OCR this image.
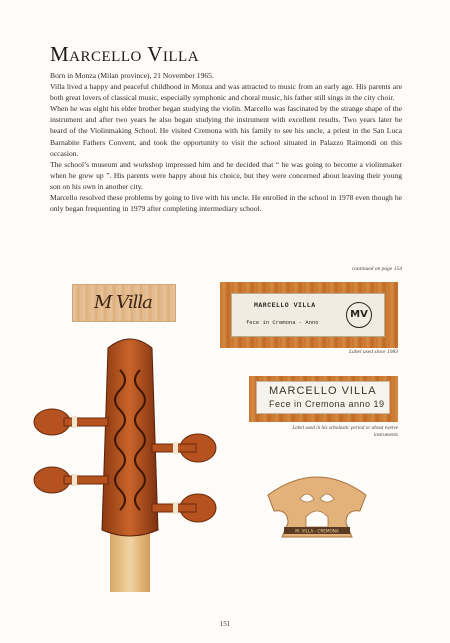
Marcello Villa

Born in Monza (Milan province), 21 November 1965.

Villa lived a happy and peaceful childhood in Monza and was attracted to music from an early age. His parents are both great lovers of classical music, especially symphonic and choral music, his father still sings in the city choir.

When he was eight his elder brother began studying the violin. Marcello was fascinated by the strange shape of the instrument and after two years he also began studying the instrument with excellent results. Two years later he heard of the Violinmaking School. He visited Cremona with his family to see his uncle, a priest in the San Luca Barnabite Fathers Convent, and took the opportunity to visit the school situated in Palazzo Raimondi on this occasion.

The school’s museum and workshop impressed him and he decided that “ he was going to become a violinmaker when he grew up ”. His parents were happy about his choice, but they were concerned about leaving their young son on his own in another city.

Marcello resolved these problems by going to live with his uncle. He enrolled in the school in 1978 even though he only began frequenting in 1979 after completing intermediary school.

continued on page 154
M Villa	MARCELLO VILLA
fece in Cremona - Anno
MV
Label used since 1983
MARCELLO VILLA
Fece in Cremona anno 19
Label used in his scholastic period or about twelve instruments
M. VILLA - CREMONA
151
